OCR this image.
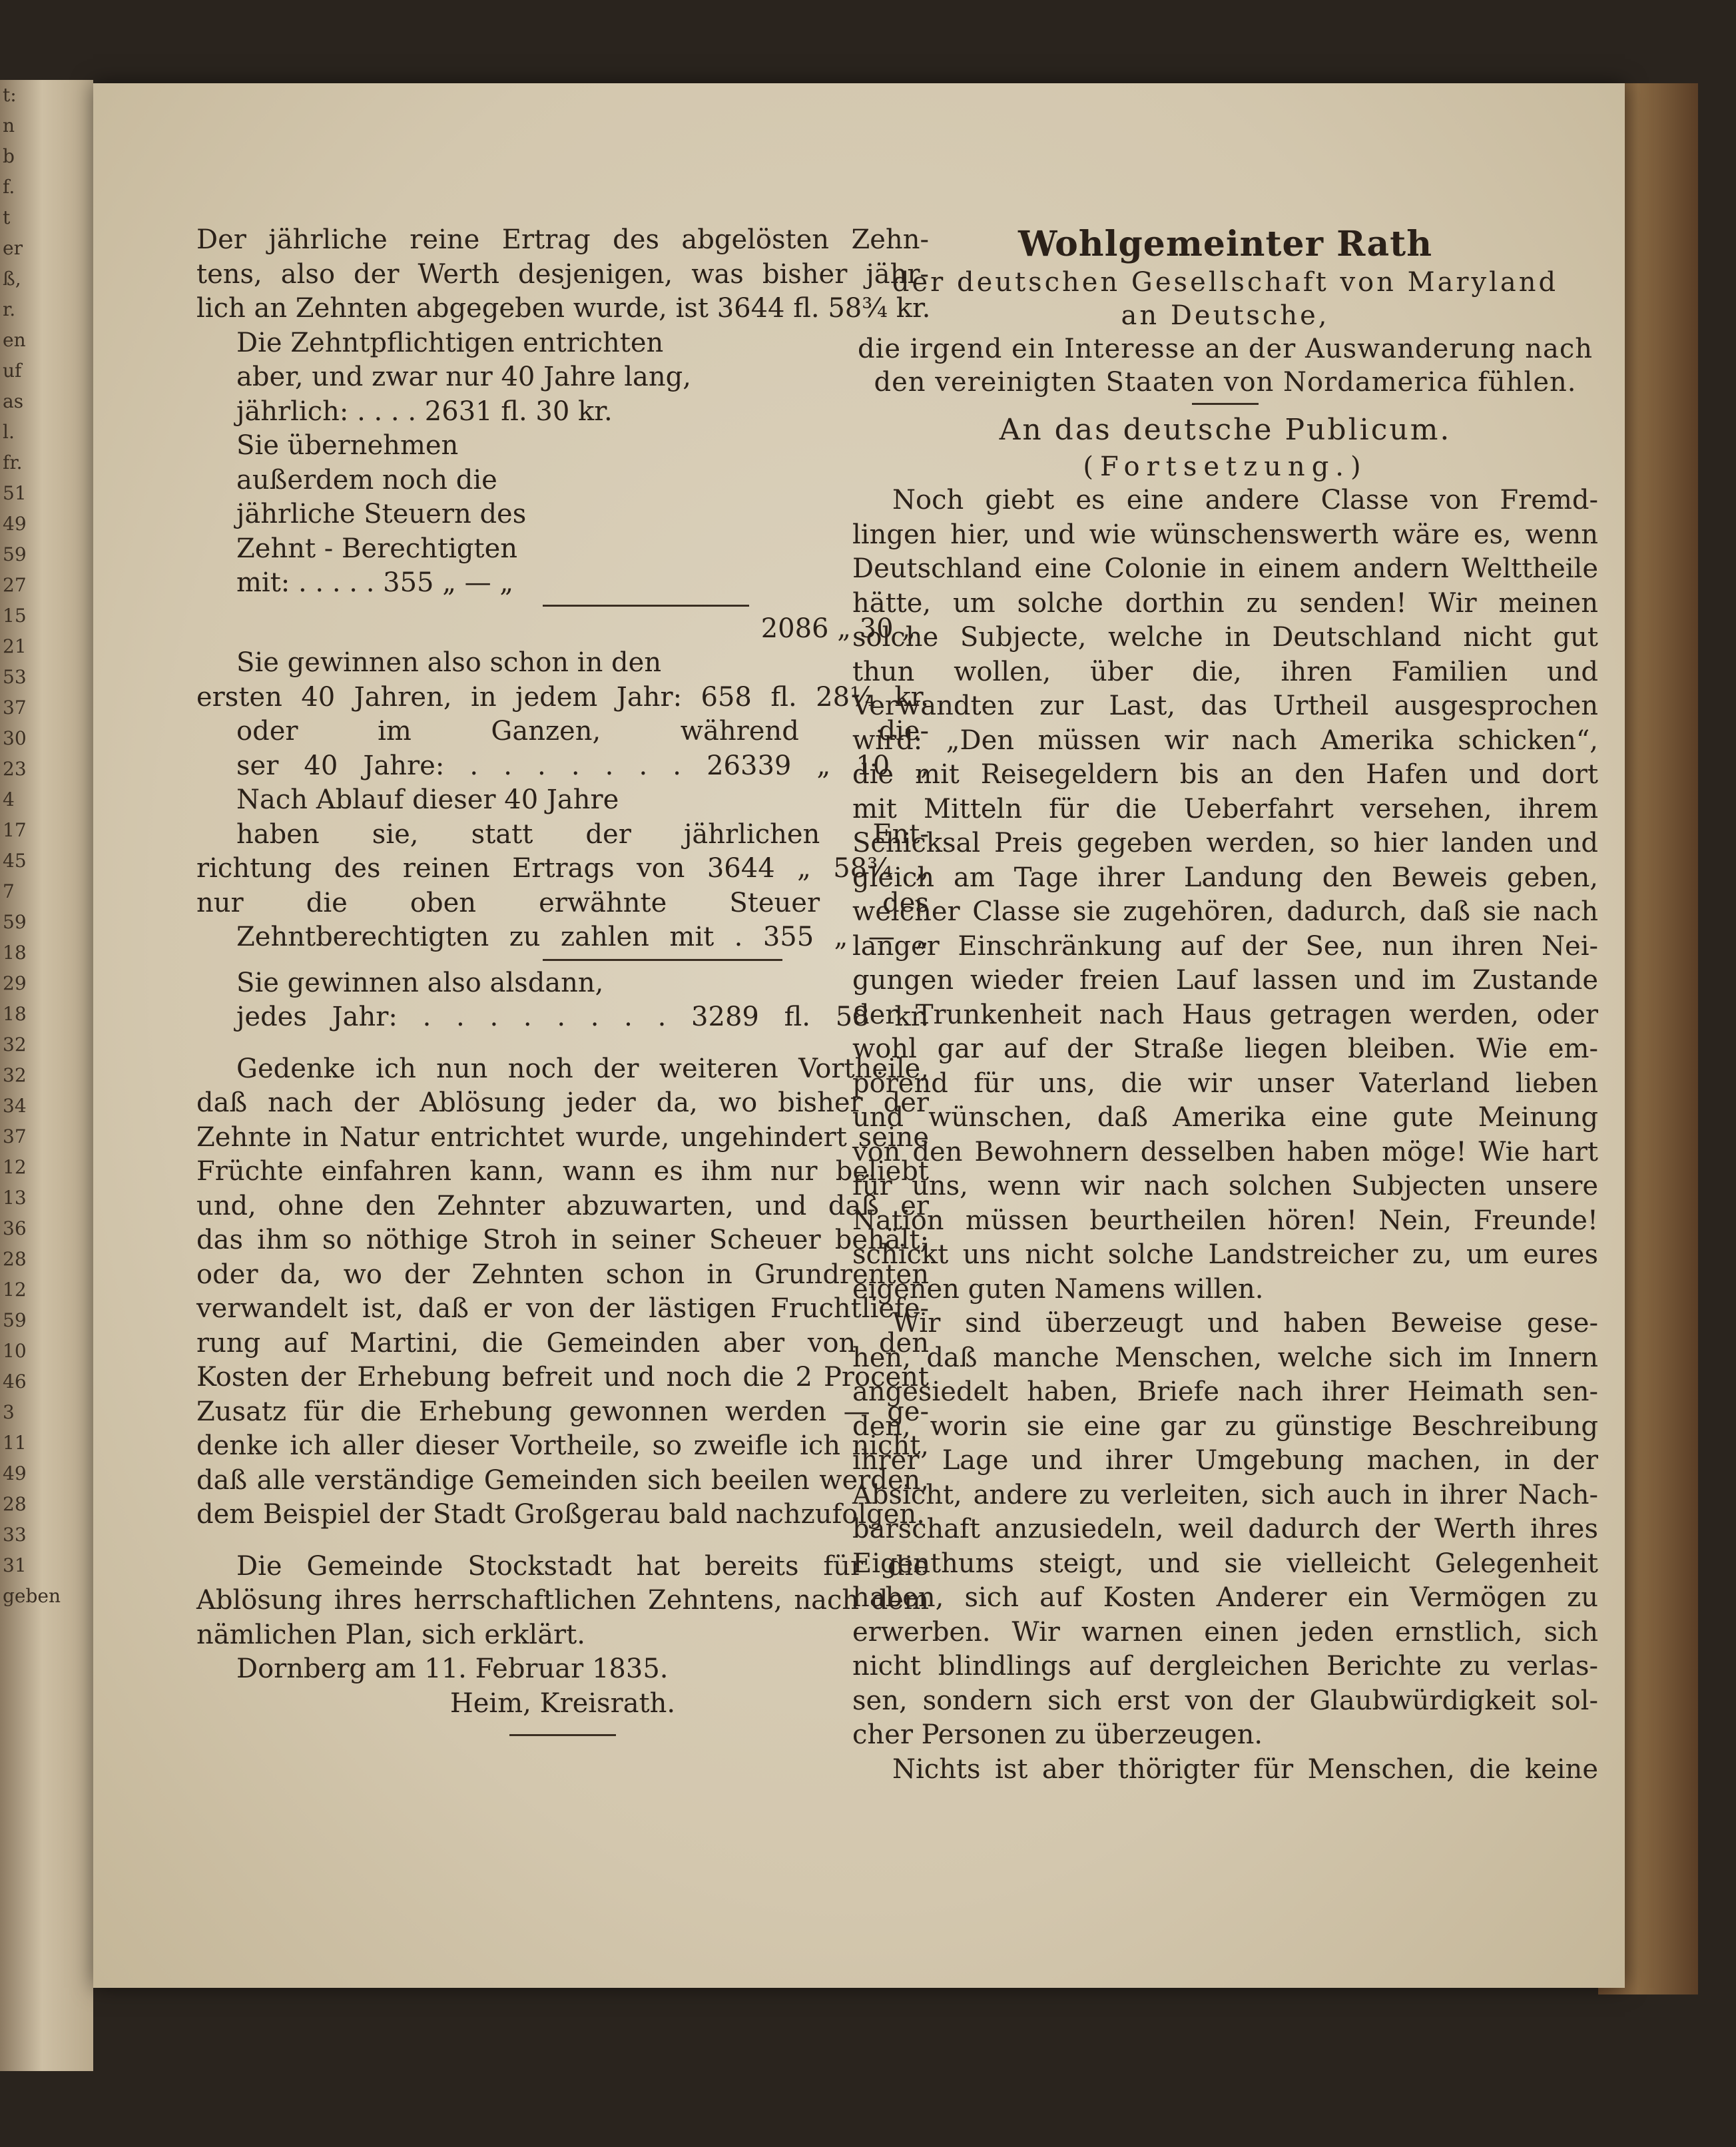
t:
n
b
f.
t
er
ß,
r.
en
uf
as
l.
fr.
51
49
59
27
15
21
53
37
30
23
4
17
45
7
59
18
29
18
32
32
34
37
12
13
36
28
12
59
10
46
3
11
49
28
33
31
geben
Der jährliche reine Ertrag des abgelösten Zehn-
tens, also der Werth desjenigen, was bisher jähr-
lich an Zehnten abgegeben wurde, ist 3644 fl. 58¾ kr.
Die Zehntpflichtigen entrichten
aber, und zwar nur 40 Jahre lang,
jährlich: . . . . 2631 fl. 30 kr.
Sie übernehmen
außerdem noch die
jährliche Steuern des
Zehnt - Berechtigten
mit: . . . . . 355 „ — „
2086 „ 30 „
Sie gewinnen also schon in den
ersten 40 Jahren, in jedem Jahr: 658 fl. 28¼ kr.
oder im Ganzen, während die-
ser 40 Jahre: . . . . . . . 26339 „ 10 „
Nach Ablauf dieser 40 Jahre
haben sie, statt der jährlichen Ent-
richtung des reinen Ertrags von 3644 „ 58¾ „
nur die oben erwähnte Steuer des
Zehntberechtigten zu zahlen mit . 355 „ — „
Sie gewinnen also alsdann,
jedes Jahr: . . . . . . . . 3289 fl. 58 kr.
Gedenke ich nun noch der weiteren Vortheile,
daß nach der Ablösung jeder da, wo bisher der
Zehnte in Natur entrichtet wurde, ungehindert seine
Früchte einfahren kann, wann es ihm nur beliebt
und, ohne den Zehnter abzuwarten, und daß er
das ihm so nöthige Stroh in seiner Scheuer behält;
oder da, wo der Zehnten schon in Grundrenten
verwandelt ist, daß er von der lästigen Fruchtliefe-
rung auf Martini, die Gemeinden aber von den
Kosten der Erhebung befreit und noch die 2 Procent
Zusatz für die Erhebung gewonnen werden — ge-
denke ich aller dieser Vortheile, so zweifle ich nicht,
daß alle verständige Gemeinden sich beeilen werden,
dem Beispiel der Stadt Großgerau bald nachzufolgen.
Die Gemeinde Stockstadt hat bereits für die
Ablösung ihres herrschaftlichen Zehntens, nach dem
nämlichen Plan, sich erklärt.
Dornberg am 11. Februar 1835.
Heim, Kreisrath.
Wohlgemeinter Rath
der deutschen Gesellschaft von Maryland
an Deutsche,
die irgend ein Interesse an der Auswanderung nach
den vereinigten Staaten von Nordamerica fühlen.
An das deutsche Publicum.
(Fortsetzung.)
Noch giebt es eine andere Classe von Fremd-
lingen hier, und wie wünschenswerth wäre es, wenn
Deutschland eine Colonie in einem andern Welttheile
hätte, um solche dorthin zu senden! Wir meinen
solche Subjecte, welche in Deutschland nicht gut
thun wollen, über die, ihren Familien und
Verwandten zur Last, das Urtheil ausgesprochen
wird: „Den müssen wir nach Amerika schicken“,
die mit Reisegeldern bis an den Hafen und dort
mit Mitteln für die Ueberfahrt versehen, ihrem
Schicksal Preis gegeben werden, so hier landen und
gleich am Tage ihrer Landung den Beweis geben,
welcher Classe sie zugehören, dadurch, daß sie nach
langer Einschränkung auf der See, nun ihren Nei-
gungen wieder freien Lauf lassen und im Zustande
der Trunkenheit nach Haus getragen werden, oder
wohl gar auf der Straße liegen bleiben. Wie em-
pörend für uns, die wir unser Vaterland lieben
und wünschen, daß Amerika eine gute Meinung
von den Bewohnern desselben haben möge! Wie hart
für uns, wenn wir nach solchen Subjecten unsere
Nation müssen beurtheilen hören! Nein, Freunde!
schickt uns nicht solche Landstreicher zu, um eures
eigenen guten Namens willen.
Wir sind überzeugt und haben Beweise gese-
hen, daß manche Menschen, welche sich im Innern
angesiedelt haben, Briefe nach ihrer Heimath sen-
den, worin sie eine gar zu günstige Beschreibung
ihrer Lage und ihrer Umgebung machen, in der
Absicht, andere zu verleiten, sich auch in ihrer Nach-
barschaft anzusiedeln, weil dadurch der Werth ihres
Eigenthums steigt, und sie vielleicht Gelegenheit
haben, sich auf Kosten Anderer ein Vermögen zu
erwerben. Wir warnen einen jeden ernstlich, sich
nicht blindlings auf dergleichen Berichte zu verlas-
sen, sondern sich erst von der Glaubwürdigkeit sol-
cher Personen zu überzeugen.
Nichts ist aber thörigter für Menschen, die keine
